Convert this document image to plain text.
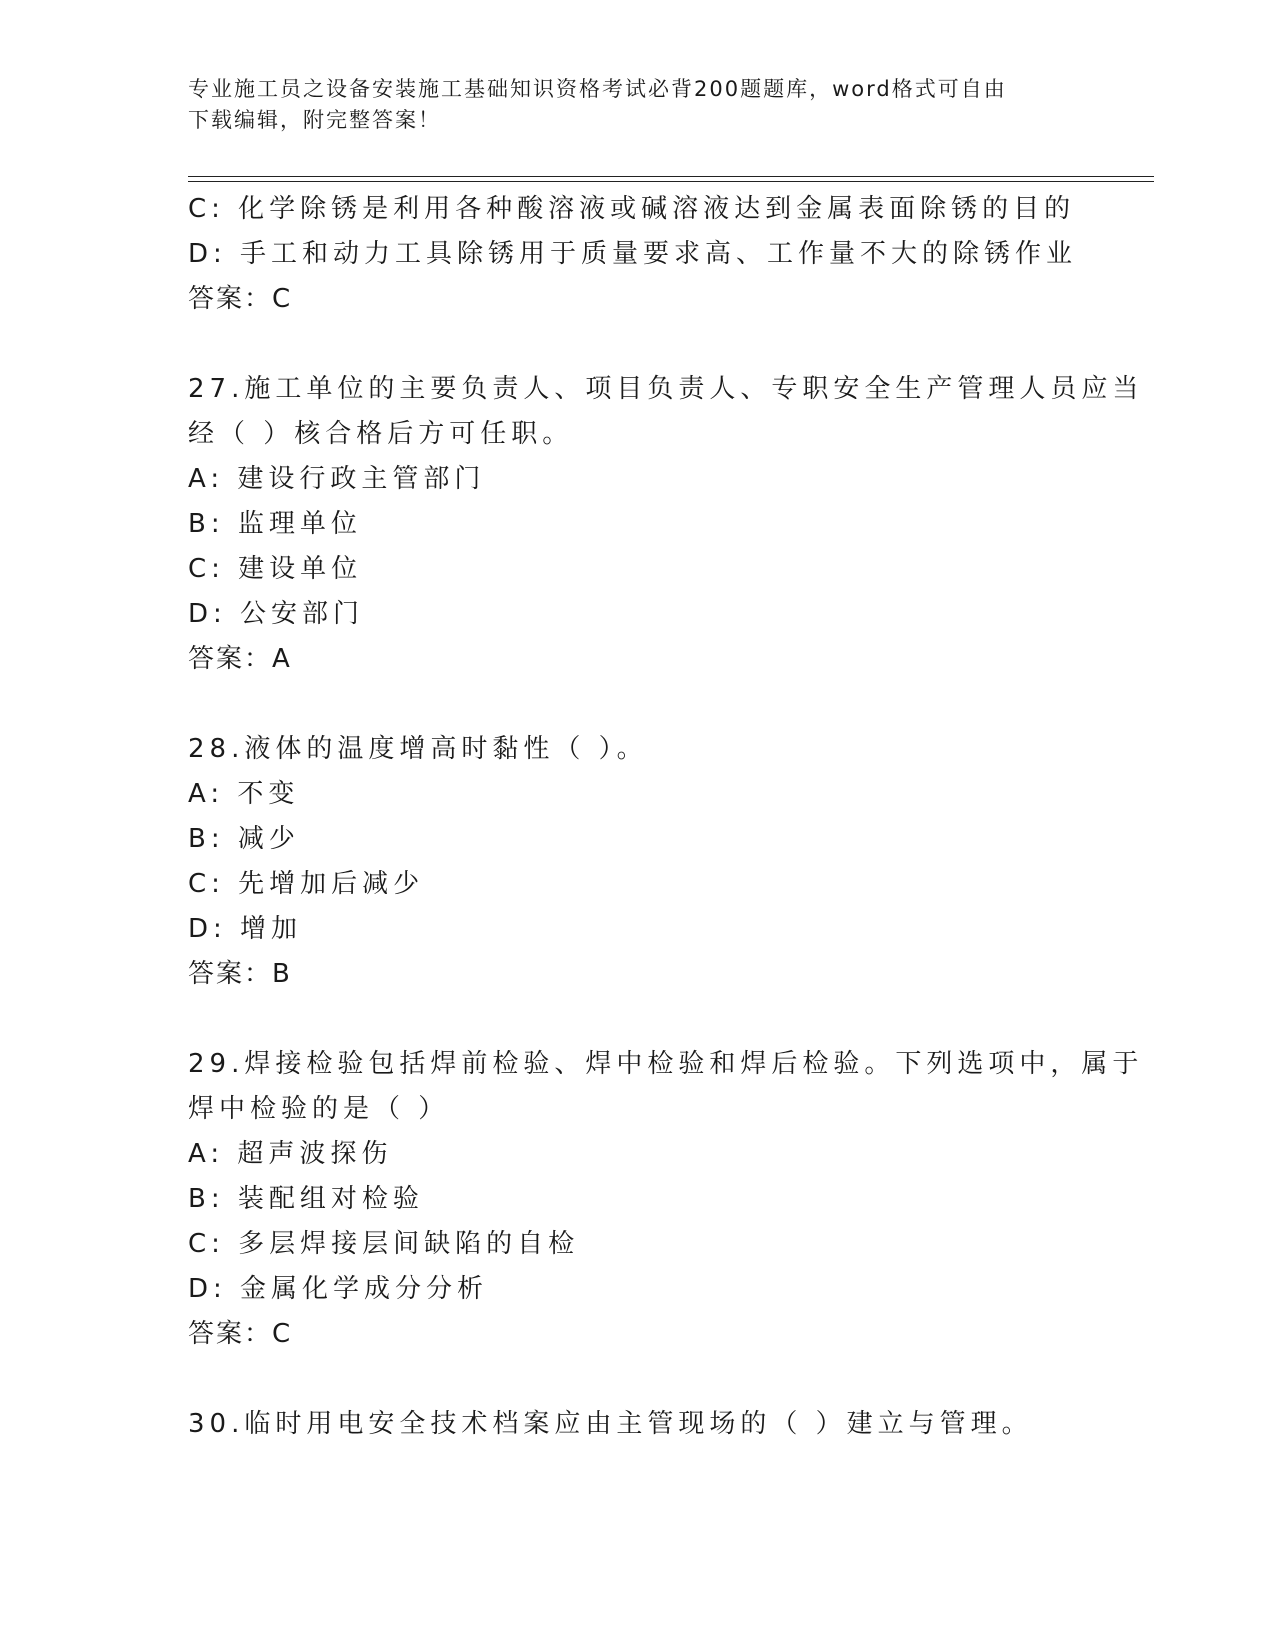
专业施工员之设备安装施工基础知识资格考试必背200题题库，word格式可自由
下载编辑，附完整答案！
C: 化学除锈是利用各种酸溶液或碱溶液达到金属表面除锈的目的
D: 手工和动力工具除锈用于质量要求高、工作量不大的除锈作业
答案：C
27.施工单位的主要负责人、项目负责人、专职安全生产管理人员应当
经（ ）核合格后方可任职。
A: 建设行政主管部门
B: 监理单位
C: 建设单位
D: 公安部门
答案：A
28.液体的温度增高时黏性（ ）。
A: 不变
B: 减少
C: 先增加后减少
D: 增加
答案：B
29.焊接检验包括焊前检验、焊中检验和焊后检验。下列选项中，属于
焊中检验的是（ ）
A: 超声波探伤
B: 装配组对检验
C: 多层焊接层间缺陷的自检
D: 金属化学成分分析
答案：C
30.临时用电安全技术档案应由主管现场的（ ）建立与管理。
